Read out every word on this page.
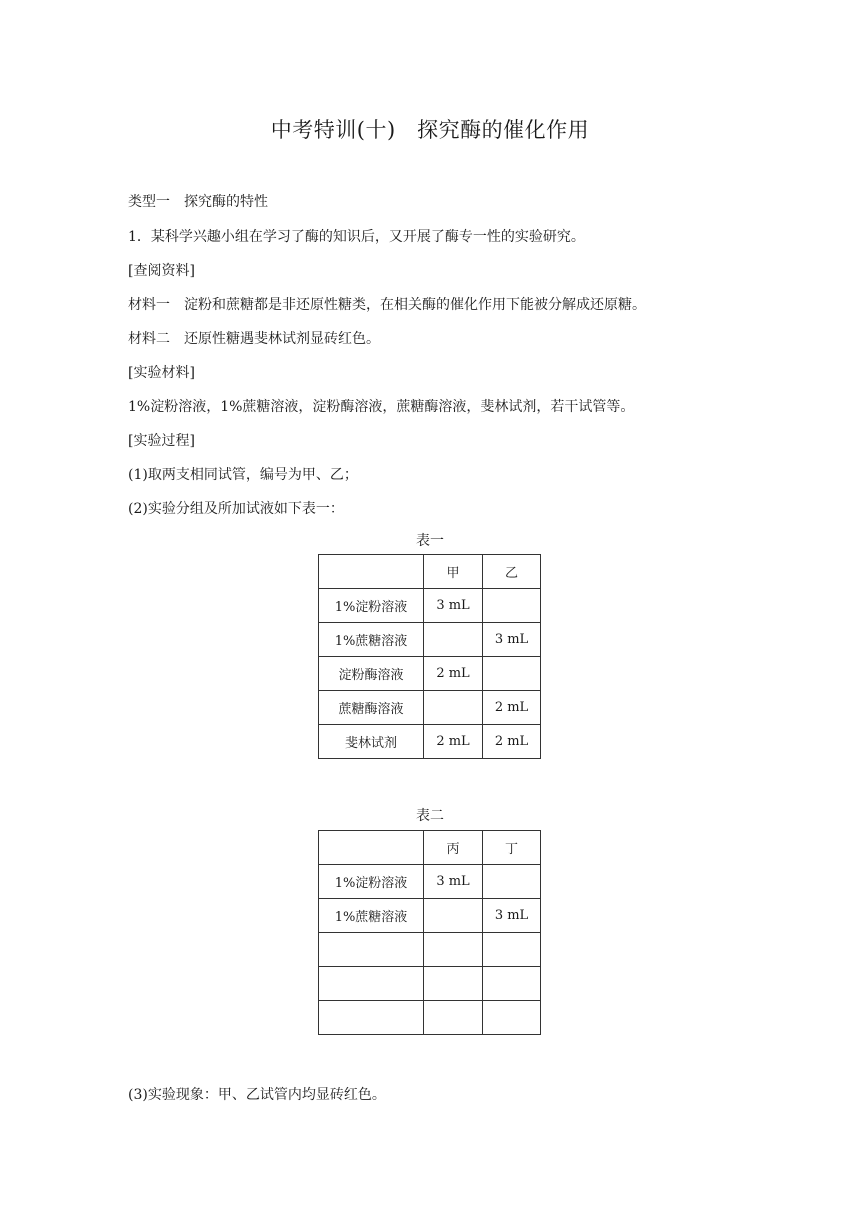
中考特训(十)　探究酶的催化作用
类型一　探究酶的特性
1．某科学兴趣小组在学习了酶的知识后，又开展了酶专一性的实验研究。
[查阅资料]
材料一　淀粉和蔗糖都是非还原性糖类，在相关酶的催化作用下能被分解成还原糖。
材料二　还原性糖遇斐林试剂显砖红色。
[实验材料]
1%淀粉溶液，1%蔗糖溶液，淀粉酶溶液，蔗糖酶溶液，斐林试剂，若干试管等。
[实验过程]
(1)取两支相同试管，编号为甲、乙；
(2)实验分组及所加试液如下表一：
表一
	甲	乙
1%淀粉溶液	3 mL	
1%蔗糖溶液		3 mL
淀粉酶溶液	2 mL	
蔗糖酶溶液		2 mL
斐林试剂	2 mL	2 mL
表二
	丙	丁
1%淀粉溶液	3 mL	
1%蔗糖溶液		3 mL

(3)实验现象：甲、乙试管内均显砖红色。
